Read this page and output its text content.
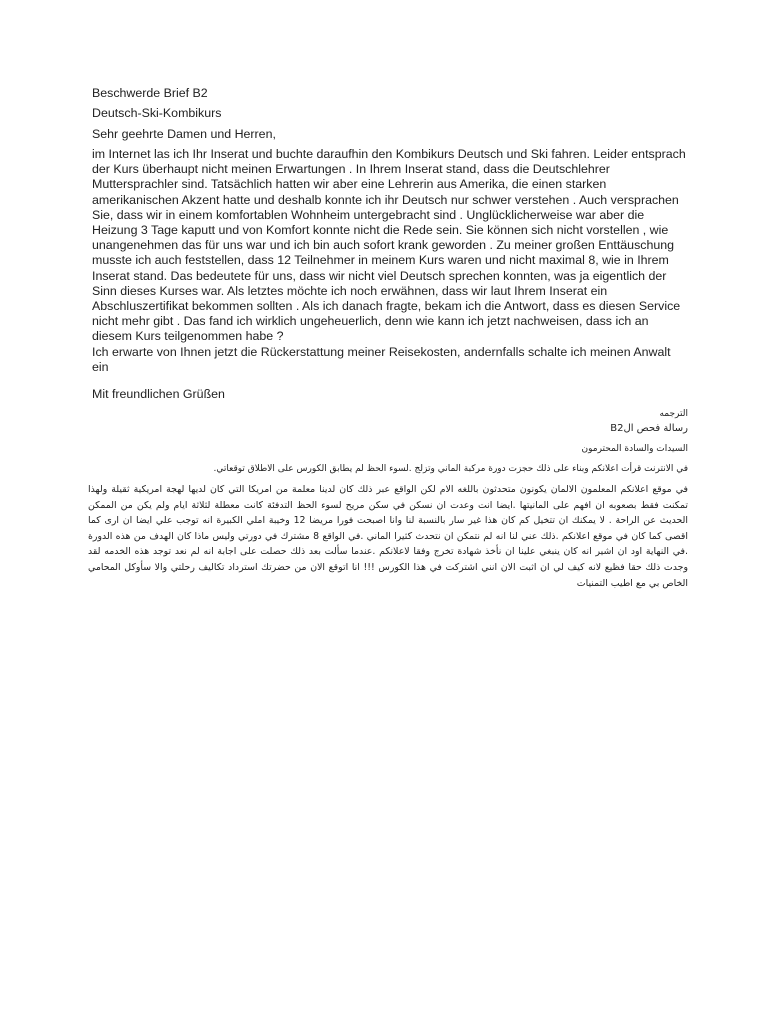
Beschwerde Brief B2
Deutsch-Ski-Kombikurs
Sehr geehrte Damen und Herren,

im Internet las ich Ihr Inserat und buchte daraufhin den Kombikurs Deutsch und Ski fahren. Leider entsprach der Kurs überhaupt nicht meinen Erwartungen . In Ihrem Inserat stand, dass die Deutschlehrer Muttersprachler sind. Tatsächlich hatten wir aber eine Lehrerin aus Amerika, die einen starken amerikanischen Akzent hatte und deshalb konnte ich ihr Deutsch nur schwer verstehen . Auch versprachen Sie, dass wir in einem komfortablen Wohnheim untergebracht sind . Unglücklicherweise war aber die Heizung 3 Tage kaputt und von Komfort konnte nicht die Rede sein. Sie können sich nicht vorstellen , wie unangenehmen das für uns war und ich bin auch sofort krank geworden . Zu meiner großen Enttäuschung musste ich auch feststellen, dass 12 Teilnehmer in meinem Kurs waren und nicht maximal 8, wie in Ihrem Inserat stand. Das bedeutete für uns, dass wir nicht viel Deutsch sprechen konnten, was ja eigentlich der Sinn dieses Kurses war. Als letztes möchte ich noch erwähnen, dass wir laut Ihrem Inserat ein Abschluszertifikat bekommen sollten . Als ich danach fragte, bekam ich die Antwort, dass es diesen Service nicht mehr gibt . Das fand ich wirklich ungeheuerlich, denn wie kann ich jetzt nachweisen, dass ich an diesem Kurs teilgenommen habe ?

Ich erwarte von Ihnen jetzt die Rückerstattung meiner Reisekosten, andernfalls schalte ich meinen Anwalt ein

Mit freundlichen Grüßen
الترجمه
رسالة فحص الB2
السيدات والسادة المحترمون
في الانترنت قرأت اعلانكم وبناء على ذلك حجزت دورة مركبة الماني وتزلج .لسوء الحظ لم يطابق الكورس على الاطلاق توقعاتي.

في موقع اعلانكم المعلمون الالمان يكونون متحدثون باللغه الام لكن الواقع عبر ذلك كان لدينا معلمة من امريكا التي كان لديها لهجة امريكية ثقيلة ولهذا تمكنت فقط بصعوبه ان افهم على المانيتها .ايضا انت وعدت ان نسكن في سكن مريح لسوء الحظ التدفئة كانت معطلة لثلاثة ايام ولم يكن من الممكن الحديث عن الراحة . لا يمكنك ان تتخيل كم كان هذا غير سار بالنسبة لنا وانا اصبحت فورا مريضا 12 وخيبة املي الكبيرة انه توجب علي ايضا ان ارى كما اقصى كما كان في موقع اعلانكم .ذلك عني لنا انه لم نتمكن ان نتحدث كثيرا الماني .في الواقع 8 مشترك في دورتي وليس ماذا كان الهدف من هذه الدورة .في النهاية اود ان اشير انه كان ينبغي علينا ان نأخذ شهادة تخرج وفقا لاعلانكم .عندما سألت بعد ذلك حصلت على اجابة انه لم نعد توجد هذه الخدمه لقد وجدت ذلك حقا فظيع لانه كيف لي ان اثبت الان انني اشتركت في هذا الكورس !!! انا اتوقع الان من حضرتك استرداد تكاليف رحلتي والا سأوكل المحامي الخاص بي مع اطيب التمنيات
